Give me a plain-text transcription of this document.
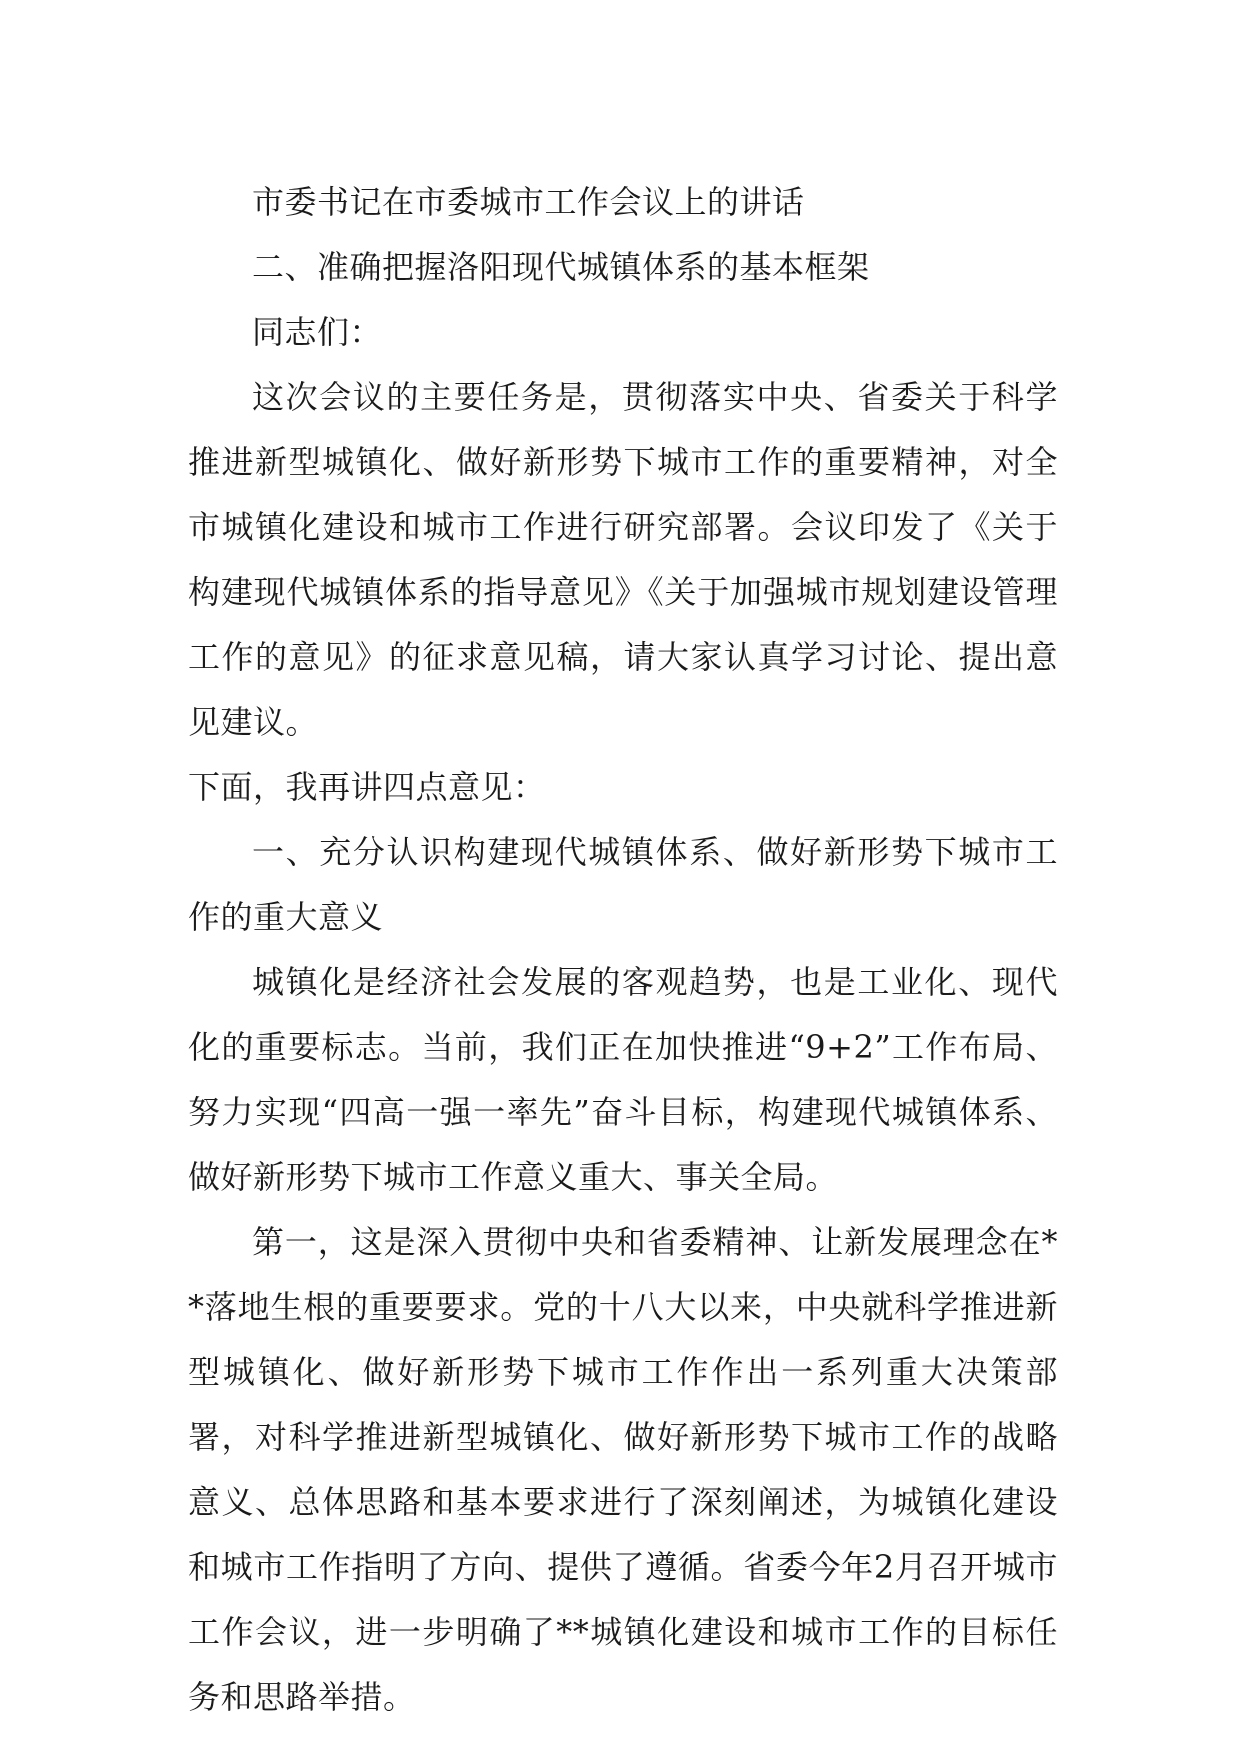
市委书记在市委城市工作会议上的讲话

二、准确把握洛阳现代城镇体系的基本框架

同志们：

这次会议的主要任务是，贯彻落实中央、省委关于科学推进新型城镇化、做好新形势下城市工作的重要精神，对全市城镇化建设和城市工作进行研究部署。会议印发了《关于构建现代城镇体系的指导意见》《关于加强城市规划建设管理工作的意见》的征求意见稿，请大家认真学习讨论、提出意见建议。

下面，我再讲四点意见：

一、充分认识构建现代城镇体系、做好新形势下城市工作的重大意义

城镇化是经济社会发展的客观趋势，也是工业化、现代化的重要标志。当前，我们正在加快推进“9+2”工作布局、努力实现“四高一强一率先”奋斗目标，构建现代城镇体系、做好新形势下城市工作意义重大、事关全局。

第一，这是深入贯彻中央和省委精神、让新发展理念在**落地生根的重要要求。党的十八大以来，中央就科学推进新型城镇化、做好新形势下城市工作作出一系列重大决策部署，对科学推进新型城镇化、做好新形势下城市工作的战略意义、总体思路和基本要求进行了深刻阐述，为城镇化建设和城市工作指明了方向、提供了遵循。省委今年2月召开城市工作会议，进一步明确了**城镇化建设和城市工作的目标任务和思路举措。
